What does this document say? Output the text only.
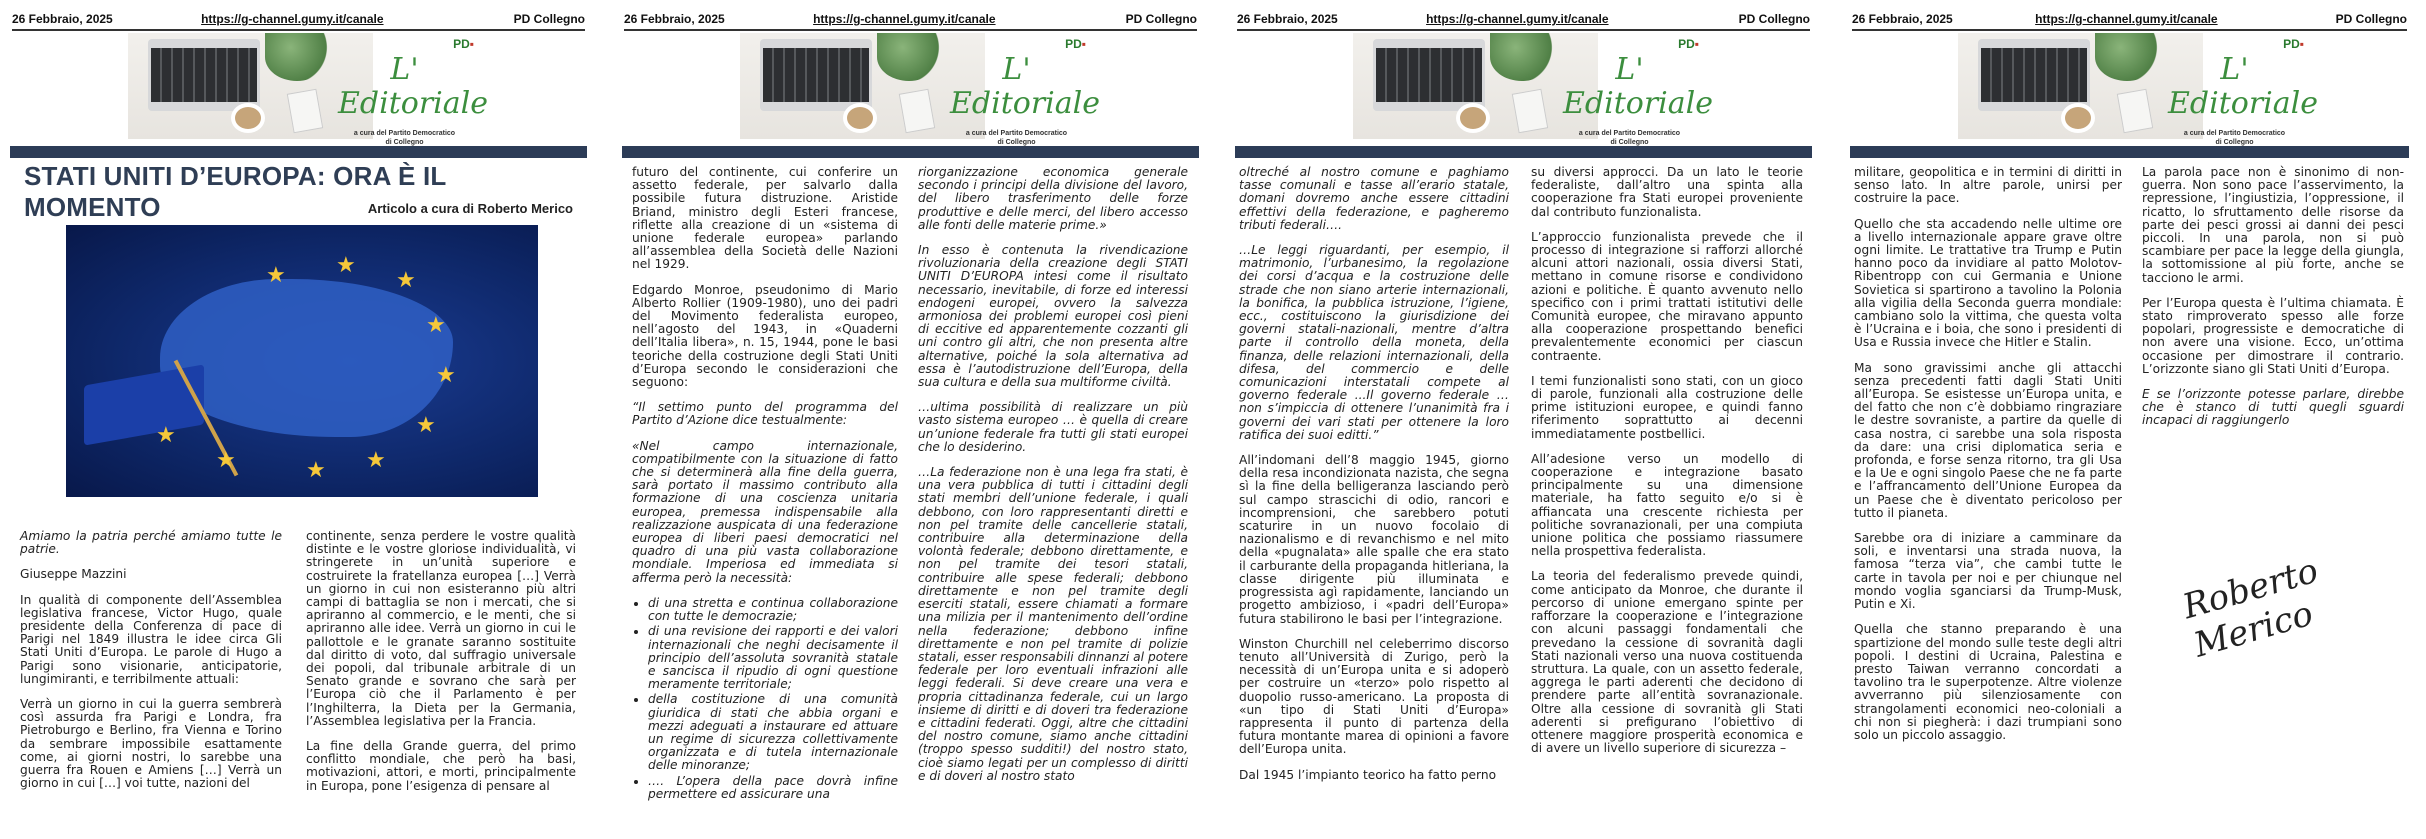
26 Febbraio, 2025	https://g-channel.gumy.it/canale	PD Collegno
L' Editoriale
a cura del Partito Democratico
di Collegno
PD▪
STATI UNITI D’EUROPA: ORA È IL MOMENTO	Articolo a cura di Roberto Merico
★ ★
★
★
★
★
★
★
★
★

Amiamo la patria perché amiamo tutte le patrie.

Giuseppe Mazzini

In qualità di componente dell’Assemblea legislativa francese, Victor Hugo, quale presidente della Conferenza di pace di Parigi nel 1849 illustra le idee circa Gli Stati Uniti d’Europa. Le parole di Hugo a Parigi sono visionarie, anticipatorie, lungimiranti, e terribilmente attuali:

Verrà un giorno in cui la guerra sembrerà così assurda fra Parigi e Londra, fra Pietroburgo e Berlino, fra Vienna e Torino da sembrare impossibile esattamente come, ai giorni nostri, lo sarebbe una guerra fra Rouen e Amiens […] Verrà un giorno in cui […] voi tutte, nazioni del

continente, senza perdere le vostre qualità distinte e le vostre gloriose individualità, vi stringerete in un’unità superiore e costruirete la fratellanza europea […] Verrà un giorno in cui non esisteranno più altri campi di battaglia se non i mercati, che si apriranno al commercio, e le menti, che si apriranno alle idee. Verrà un giorno in cui le pallottole e le granate saranno sostituite dal diritto di voto, dal suffragio universale dei popoli, dal tribunale arbitrale di un Senato grande e sovrano che sarà per l’Europa ciò che il Parlamento è per l’Inghilterra, la Dieta per la Germania, l’Assemblea legislativa per la Francia.

La fine della Grande guerra, del primo conflitto mondiale, che però ha basi, motivazioni, attori, e morti, principalmente in Europa, pone l’esigenza di pensare al

26 Febbraio, 2025	https://g-channel.gumy.it/canale	PD Collegno
L' Editoriale
a cura del Partito Democratico
di Collegno
PD▪

futuro del continente, cui conferire un assetto federale, per salvarlo dalla possibile futura distruzione. Aristide Briand, ministro degli Esteri francese, riflette alla creazione di un «sistema di unione federale europea» parlando all’assemblea della Società delle Nazioni nel 1929.

Edgardo Monroe, pseudonimo di Mario Alberto Rollier (1909-1980), uno dei padri del Movimento federalista europeo, nell’agosto del 1943, in «Quaderni dell’Italia libera», n. 15, 1944, pone le basi teoriche della costruzione degli Stati Uniti d’Europa secondo le considerazioni che seguono:

“Il settimo punto del programma del Partito d’Azione dice testualmente:

«Nel campo internazionale, compatibilmente con la situazione di fatto che si determinerà alla fine della guerra, sarà portato il massimo contributo alla formazione di una coscienza unitaria europea, premessa indispensabile alla realizzazione auspicata di una federazione europea di liberi paesi democratici nel quadro di una più vasta collaborazione mondiale. Imperiosa ed immediata si afferma però la necessità:

• di una stretta e continua collaborazione con tutte le democrazie;
• di una revisione dei rapporti e dei valori internazionali che neghi decisamente il principio dell’assoluta sovranità statale e sancisca il ripudio di ogni questione meramente territoriale;
• della costituzione di una comunità giuridica di stati che abbia organi e mezzi adeguati a instaurare ed attuare un regime di sicurezza collettivamente organizzata e di tutela internazionale delle minoranze;
• …. L’opera della pace dovrà infine permettere ed assicurare una

riorganizzazione economica generale secondo i principi della divisione del lavoro, del libero trasferimento delle forze produttive e delle merci, del libero accesso alle fonti delle materie prime.»

In esso è contenuta la rivendicazione rivoluzionaria della creazione degli STATI UNITI D’EUROPA intesi come il risultato necessario, inevitabile, di forze ed interessi endogeni europei, ovvero la salvezza armoniosa dei problemi europei così pieni di eccitive ed apparentemente cozzanti gli uni contro gli altri, che non presenta altre alternative, poiché la sola alternativa ad essa è l’autodistruzione dell’Europa, della sua cultura e della sua multiforme civiltà.

…ultima possibilità di realizzare un più vasto sistema europeo … è quella di creare un’unione federale fra tutti gli stati europei che lo desiderino.

…La federazione non è una lega fra stati, è una vera pubblica di tutti i cittadini degli stati membri dell’unione federale, i quali debbono, con loro rappresentanti diretti e non pel tramite delle cancellerie statali, contribuire alla determinazione della volontà federale; debbono direttamente, e non pel tramite dei tesori statali, contribuire alle spese federali; debbono direttamente e non pel tramite degli eserciti statali, essere chiamati a formare una milizia per il mantenimento dell’ordine nella federazione; debbono infine direttamente e non pel tramite di polizie statali, esser responsabili dinnanzi al potere federale per loro eventuali infrazioni alle leggi federali. Si deve creare una vera e propria cittadinanza federale, cui un largo insieme di diritti e di doveri tra federazione e cittadini federati. Oggi, altre che cittadini del nostro comune, siamo anche cittadini (troppo spesso sudditi!) del nostro stato, cioè siamo legati per un complesso di diritti e di doveri al nostro stato

26 Febbraio, 2025	https://g-channel.gumy.it/canale	PD Collegno
L' Editoriale
a cura del Partito Democratico
di Collegno
PD▪

oltreché al nostro comune e paghiamo tasse comunali e tasse all’erario statale, domani dovremo anche essere cittadini effettivi della federazione, e pagheremo tributi federali….

…Le leggi riguardanti, per esempio, il matrimonio, l’urbanesimo, la regolazione dei corsi d’acqua e la costruzione delle strade che non siano arterie internazionali, la bonifica, la pubblica istruzione, l’igiene, ecc., costituiscono la giurisdizione dei governi statali-nazionali, mentre d’altra parte il controllo della moneta, della finanza, delle relazioni internazionali, della difesa, del commercio e delle comunicazioni interstatali compete al governo federale ...Il governo federale … non s’impiccia di ottenere l’unanimità fra i governi dei vari stati per ottenere la loro ratifica dei suoi editti.”

All’indomani dell’8 maggio 1945, giorno della resa incondizionata nazista, che segna sì la fine della belligeranza lasciando però sul campo strascichi di odio, rancori e incomprensioni, che sarebbero potuti scaturire in un nuovo focolaio di nazionalismo e di revanchismo e nel mito della «pugnalata» alle spalle che era stato il carburante della propaganda hitleriana, la classe dirigente più illuminata e progressista agì rapidamente, lanciando un progetto ambizioso, i «padri dell’Europa» futura stabilirono le basi per l’integrazione.

Winston Churchill nel celeberrimo discorso tenuto all’Università di Zurigo, però la necessità di un’Europa unita e si adoperò per costruire un «terzo» polo rispetto al duopolio russo-americano. La proposta di «un tipo di Stati Uniti d’Europa» rappresenta il punto di partenza della futura montante marea di opinioni a favore dell’Europa unita.

Dal 1945 l’impianto teorico ha fatto perno

su diversi approcci. Da un lato le teorie federaliste, dall’altro una spinta alla cooperazione fra Stati europei proveniente dal contributo funzionalista.

L’approccio funzionalista prevede che il processo di integrazione si rafforzi allorché alcuni attori nazionali, ossia diversi Stati, mettano in comune risorse e condividono azioni e politiche. È quanto avvenuto nello specifico con i primi trattati istitutivi delle Comunità europee, che miravano appunto alla cooperazione prospettando benefici prevalentemente economici per ciascun contraente.

I temi funzionalisti sono stati, con un gioco di parole, funzionali alla costruzione delle prime istituzioni europee, e quindi fanno riferimento soprattutto ai decenni immediatamente postbellici.

All’adesione verso un modello di cooperazione e integrazione basato principalmente su una dimensione materiale, ha fatto seguito e/o si è affiancata una crescente richiesta per politiche sovranazionali, per una compiuta unione politica che possiamo riassumere nella prospettiva federalista.

La teoria del federalismo prevede quindi, come anticipato da Monroe, che durante il percorso di unione emergano spinte per rafforzare la cooperazione e l’integrazione con alcuni passaggi fondamentali che prevedano la cessione di sovranità dagli Stati nazionali verso una nuova costituenda struttura. La quale, con un assetto federale, aggrega le parti aderenti che decidono di prendere parte all’entità sovranazionale. Oltre alla cessione di sovranità gli Stati aderenti si prefigurano l’obiettivo di ottenere maggiore prosperità economica e di avere un livello superiore di sicurezza –

26 Febbraio, 2025	https://g-channel.gumy.it/canale	PD Collegno
L' Editoriale
a cura del Partito Democratico
di Collegno
PD▪

militare, geopolitica e in termini di diritti in senso lato. In altre parole, unirsi per costruire la pace.

Quello che sta accadendo nelle ultime ore a livello internazionale appare grave oltre ogni limite. Le trattative tra Trump e Putin hanno poco da invidiare al patto Molotov-Ribentropp con cui Germania e Unione Sovietica si spartirono a tavolino la Polonia alla vigilia della Seconda guerra mondiale: cambiano solo la vittima, che questa volta è l’Ucraina e i boia, che sono i presidenti di Usa e Russia invece che Hitler e Stalin.

Ma sono gravissimi anche gli attacchi senza precedenti fatti dagli Stati Uniti all’Europa. Se esistesse un’Europa unita, e del fatto che non c’è dobbiamo ringraziare le destre sovraniste, a partire da quelle di casa nostra, ci sarebbe una sola risposta da dare: una crisi diplomatica seria e profonda, e forse senza ritorno, tra gli Usa e la Ue e ogni singolo Paese che ne fa parte e l’affrancamento dell’Unione Europea da un Paese che è diventato pericoloso per tutto il pianeta.

Sarebbe ora di iniziare a camminare da soli, e inventarsi una strada nuova, la famosa “terza via”, che cambi tutte le carte in tavola per noi e per chiunque nel mondo voglia sganciarsi da Trump-Musk, Putin e Xi.

Quella che stanno preparando è una spartizione del mondo sulle teste degli altri popoli. I destini di Ucraina, Palestina e presto Taiwan verranno concordati a tavolino tra le superpotenze. Altre violenze avverranno più silenziosamente con strangolamenti economici neo-coloniali a chi non si piegherà: i dazi trumpiani sono solo un piccolo assaggio.

La parola pace non è sinonimo di non-guerra. Non sono pace l’asservimento, la repressione, l’ingiustizia, l’oppressione, il ricatto, lo sfruttamento delle risorse da parte dei pesci grossi ai danni dei pesci piccoli. In una parola, non si può scambiare per pace la legge della giungla, la sottomissione al più forte, anche se tacciono le armi.

Per l’Europa questa è l’ultima chiamata. È stato rimproverato spesso alle forze popolari, progressiste e democratiche di non avere una visione. Ecco, un’ottima occasione per dimostrare il contrario. L’orizzonte siano gli Stati Uniti d’Europa.

E se l’orizzonte potesse parlare, direbbe che è stanco di tutti quegli sguardi incapaci di raggiungerlo

Roberto Merico
